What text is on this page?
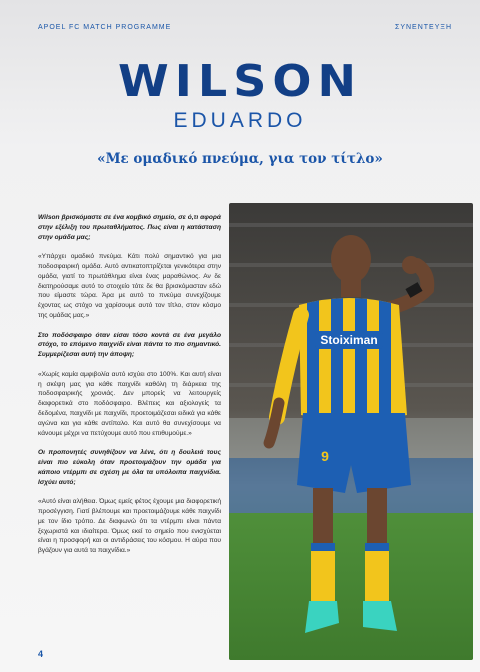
APOEL FC MATCH PROGRAMME	ΣΥΝΕΝΤΕΥΞΗ
WILSON
EDUARDO
«Με ομαδικό πνεύμα, για τον τίτλο»

Wilson βρισκόμαστε σε ένα κομβικό σημείο, σε ό,τι αφορά στην εξέλιξη του πρωταθλήματος. Πως είναι η κατάσταση στην ομάδα μας;

«Υπάρχει ομαδικό πνεύμα. Κάτι πολύ σημαντικό για μια ποδοσφαιρική ομάδα. Αυτό αντικατοπτρίζεται γενικότερα στην ομάδα, γιατί το πρωτάθλημα είναι ένας μαραθώνιος. Αν δε διατηρούσαμε αυτό το στοιχείο τότε δε θα βρισκόμασταν εδώ που είμαστε τώρα. Άρα με αυτό το πνεύμα συνεχίζουμε έχοντας ως στόχο να χαρίσουμε αυτό τον τίτλο, στον κόσμο της ομάδας μας.»

Στο ποδόσφαιρο όταν είσαι τόσο κοντά σε ένα μεγάλο στόχο, το επόμενο παιχνίδι είναι πάντα το πιο σημαντικό. Συμμερίζεσαι αυτή την άποψη;

«Χωρίς καμία αμφιβολία αυτό ισχύει στο 100%. Και αυτή είναι η σκέψη μας για κάθε παιχνίδι καθόλη τη διάρκεια της ποδοσφαιρικής χρονιάς. Δεν μπορείς να λειτουργείς διαφορετικά στο ποδόσφαιρο. Βλέπεις και αξιολογείς τα δεδομένα, παιχνίδι με παιχνίδι, προετοιμάζεσαι ειδικά για κάθε αγώνα και για κάθε αντίπαλο. Και αυτό θα συνεχίσουμε να κάνουμε μέχρι να πετύχουμε αυτό που επιθυμούμε.»

Οι προπονητές συνηθίζουν να λένε, ότι η δουλειά τους είναι πιο εύκολη όταν προετοιμάζουν την ομάδα για κάποιο ντέρμπι σε σχέση με όλα τα υπόλοιπα παιχνίδια. Ισχύει αυτό;

«Αυτό είναι αλήθεια. Όμως εμείς φέτος έχουμε μια διαφορετική προσέγγιση. Γιατί βλέπουμε και προετοιμάζουμε κάθε παιχνίδι με τον ίδιο τρόπο. Δε διαφωνώ ότι τα ντέρμπι είναι πάντα ξεχωριστά και ιδιαίτερα. Όμως εκεί το σημείο που ενισχύεται είναι η προσφορή και οι αντιδράσεις του κόσμου. Η αύρα που βγάζουν για αυτά τα παιχνίδια.»

Stoiximan
9
4
